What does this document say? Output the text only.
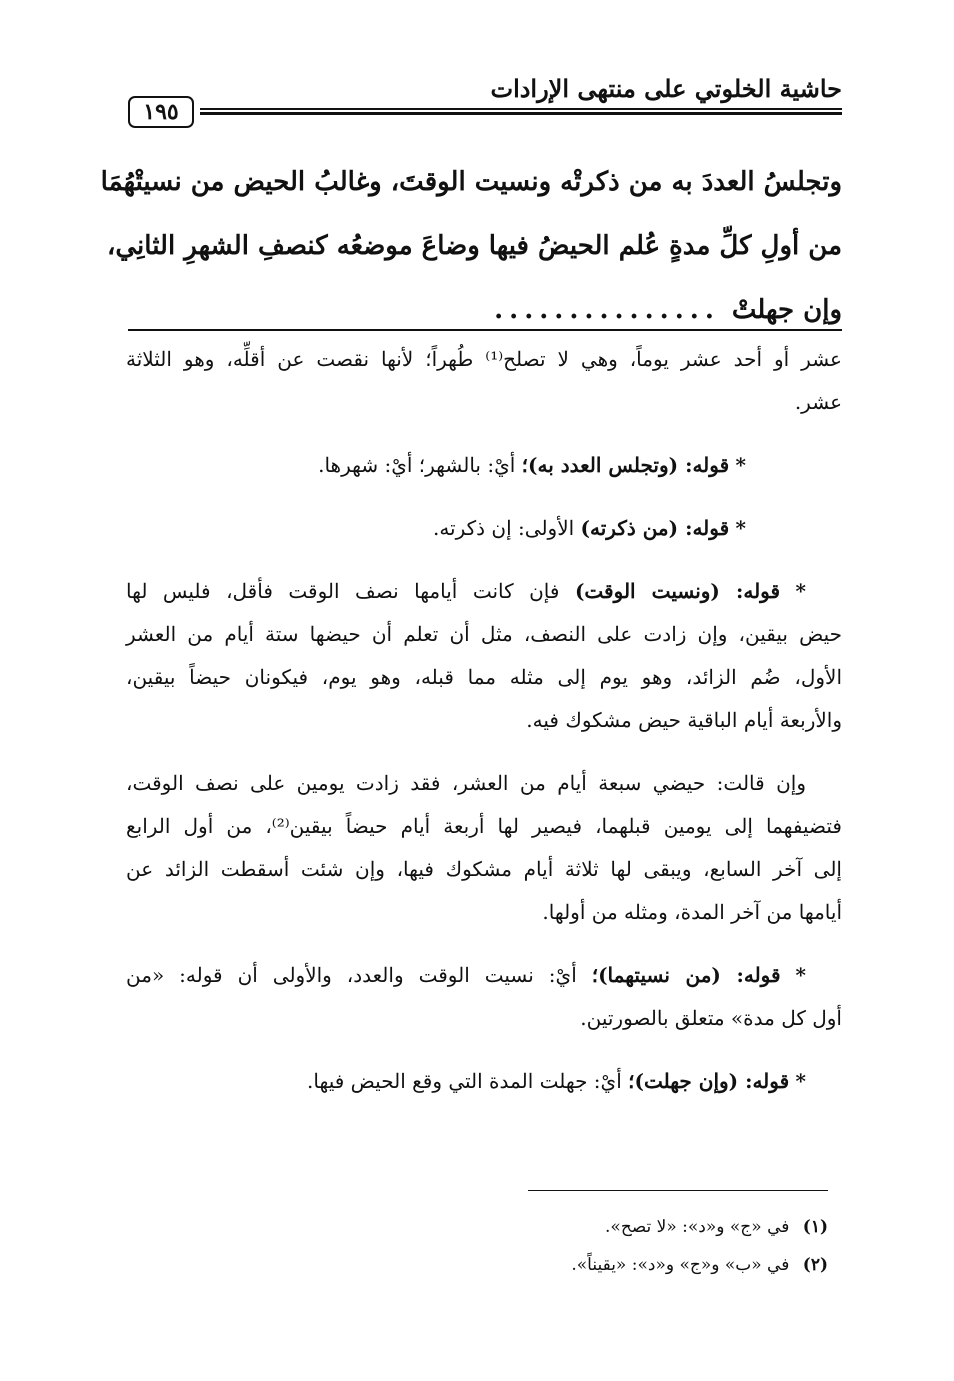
حاشية الخلوتي على منتهى الإرادات
١٩٥
وتجلسُ العددَ به من ذكرتْه ونسيت الوقتَ، وغالبُ الحيض من نسيتْهُمَا
من أولِ كلِّ مدةٍ عُلم الحيضُ فيها وضاعَ موضعُه كنصفِ الشهرِ الثانِي،
وإن جهلتْ...............
عشر أو أحد عشر يوماً، وهي لا تصلح⁽¹⁾ طُهراً؛ لأنها نقصت عن أقلِّه، وهو الثلاثة
عشر.
* قوله: (وتجلس العدد به)؛ أيْ: بالشهر؛ أيْ: شهرها.
* قوله: (من ذكرته) الأولى: إن ذكرته.
* قوله: (ونسيت الوقت) فإن كانت أيامها نصف الوقت فأقل، فليس لها
حيض بيقين، وإن زادت على النصف، مثل أن تعلم أن حيضها ستة أيام من العشر
الأول، ضُم الزائد، وهو يوم إلى مثله مما قبله، وهو يوم، فيكونان حيضاً بيقين،
والأربعة أيام الباقية حيض مشكوك فيه.
وإن قالت: حيضي سبعة أيام من العشر، فقد زادت يومين على نصف الوقت،
فتضيفهما إلى يومين قبلهما، فيصير لها أربعة أيام حيضاً بيقين⁽²⁾، من أول الرابع
إلى آخر السابع، ويبقى لها ثلاثة أيام مشكوك فيها، وإن شئت أسقطت الزائد عن
أيامها من آخر المدة، ومثله من أولها.
* قوله: (من نسيتهما)؛ أيْ: نسيت الوقت والعدد، والأولى أن قوله: «من
أول كل مدة» متعلق بالصورتين.
* قوله: (وإن جهلت)؛ أيْ: جهلت المدة التي وقع الحيض فيها.
(١) في «ج» و«د»: «لا تصح».
(٢) في «ب» و«ج» و«د»: «يقيناً».
